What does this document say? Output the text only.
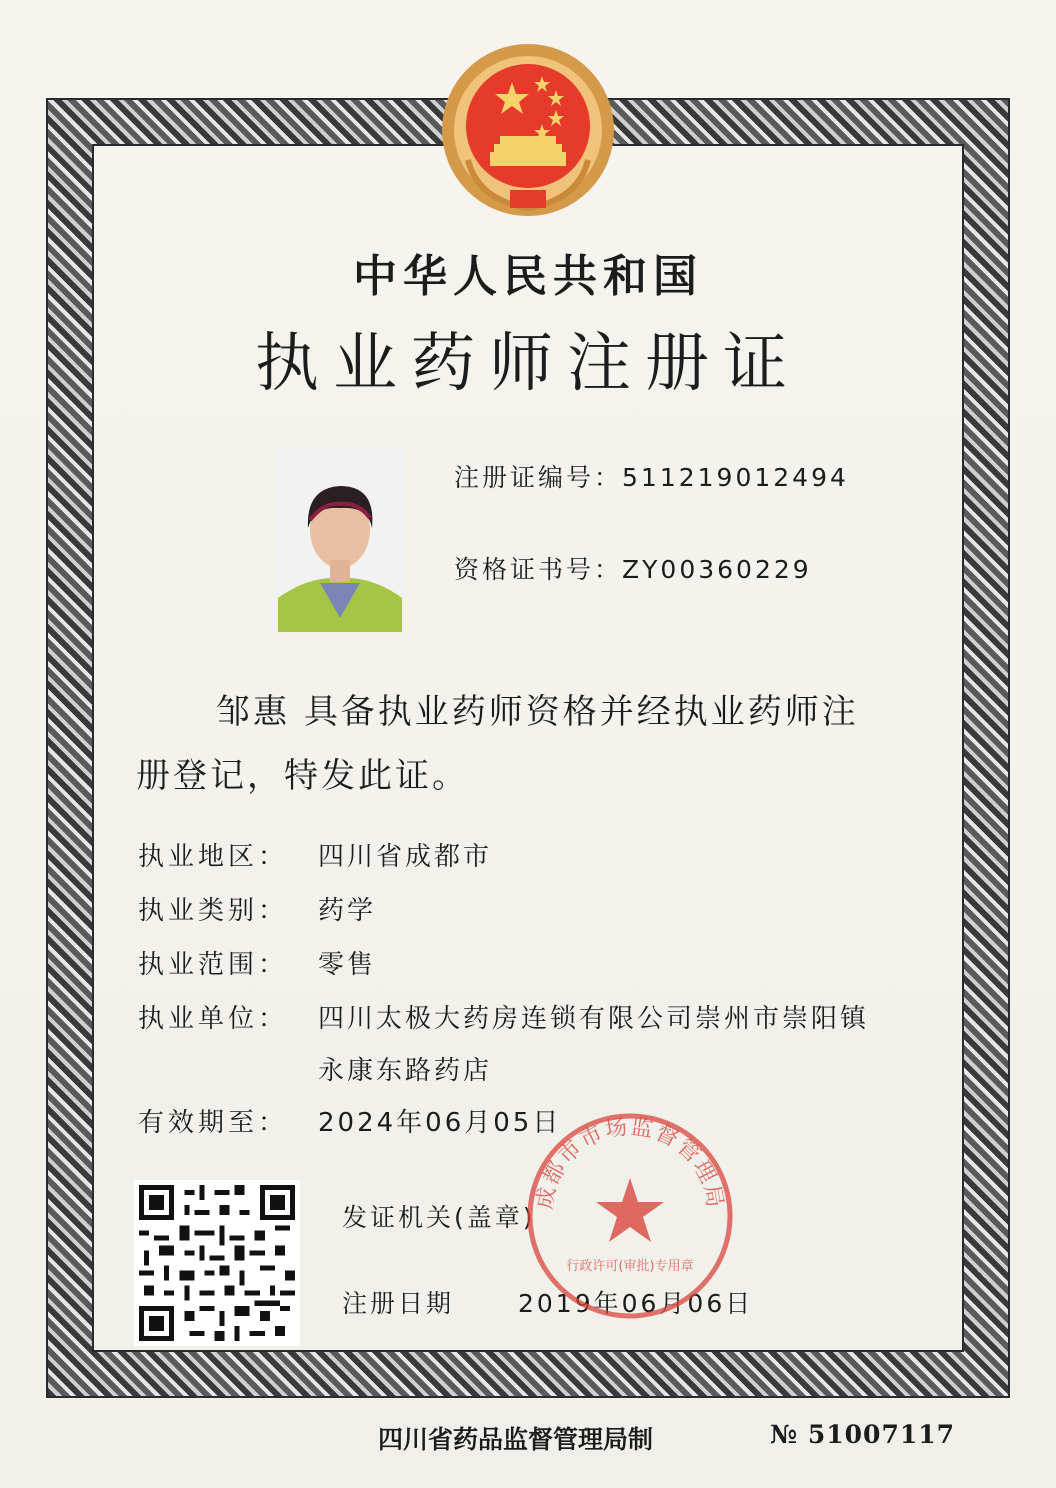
中华人民共和国
执业药师注册证
注册证编号：511219012494
资格证书号：ZY00360229
邹惠 具备执业药师资格并经执业药师注
册登记，特发此证。
执业地区： 四川省成都市
执业类别： 药学
执业范围： 零售
执业单位： 四川太极大药房连锁有限公司崇州市崇阳镇
永康东路药店
有效期至： 2024年06月05日
发证机关(盖章)
注册日期	2019年06月06日
成都市市场监督管理局
行政许可(审批)专用章
四川省药品监督管理局制	№ 51007117
